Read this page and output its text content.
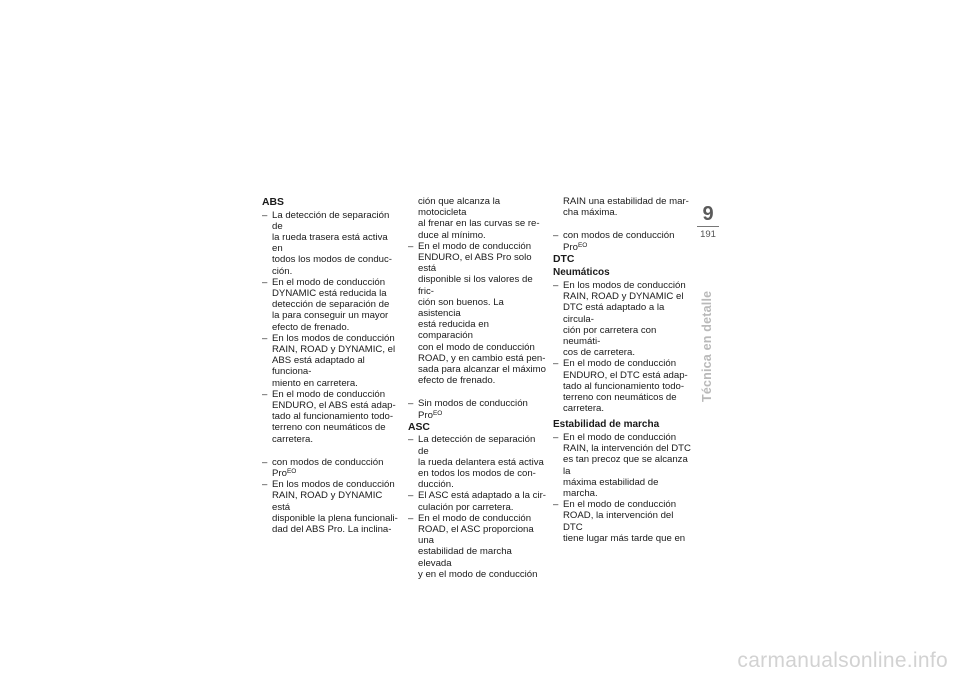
ABS
– La detección de separación de
la rueda trasera está activa en
todos los modos de conduc-
ción.
– En el modo de conducción
DYNAMIC está reducida la
detección de separación de
la para conseguir un mayor
efecto de frenado.
– En los modos de conducción
RAIN, ROAD y DYNAMIC, el
ABS está adaptado al funciona-
miento en carretera.
– En el modo de conducción
ENDURO, el ABS está adap-
tado al funcionamiento todo-
terreno con neumáticos de
carretera.
– con modos de conducción
Pro$^{EO}$
– En los modos de conducción
RAIN, ROAD y DYNAMIC está
disponible la plena funcionali-
dad del ABS Pro. La inclina-
ción que alcanza la motocicleta
al frenar en las curvas se re-
duce al mínimo.
– En el modo de conducción
ENDURO, el ABS Pro solo está
disponible si los valores de fric-
ción son buenos. La asistencia
está reducida en comparación
con el modo de conducción
ROAD, y en cambio está pen-
sada para alcanzar el máximo
efecto de frenado.
– Sin modos de conducción
Pro$^{EO}$
ASC
– La detección de separación de
la rueda delantera está activa
en todos los modos de con-
ducción.
– El ASC está adaptado a la cir-
culación por carretera.
– En el modo de conducción
ROAD, el ASC proporciona una
estabilidad de marcha elevada
y en el modo de conducción
RAIN una estabilidad de mar-
cha máxima.
– con modos de conducción
Pro$^{EO}$
DTC
Neumáticos
– En los modos de conducción
RAIN, ROAD y DYNAMIC el
DTC está adaptado a la circula-
ción por carretera con neumáti-
cos de carretera.
– En el modo de conducción
ENDURO, el DTC está adap-
tado al funcionamiento todo-
terreno con neumáticos de
carretera.
Estabilidad de marcha
– En el modo de conducción
RAIN, la intervención del DTC
es tan precoz que se alcanza la
máxima estabilidad de marcha.
– En el modo de conducción
ROAD, la intervención del DTC
tiene lugar más tarde que en
9
191
Técnica en detalle
carmanualsonline.info
